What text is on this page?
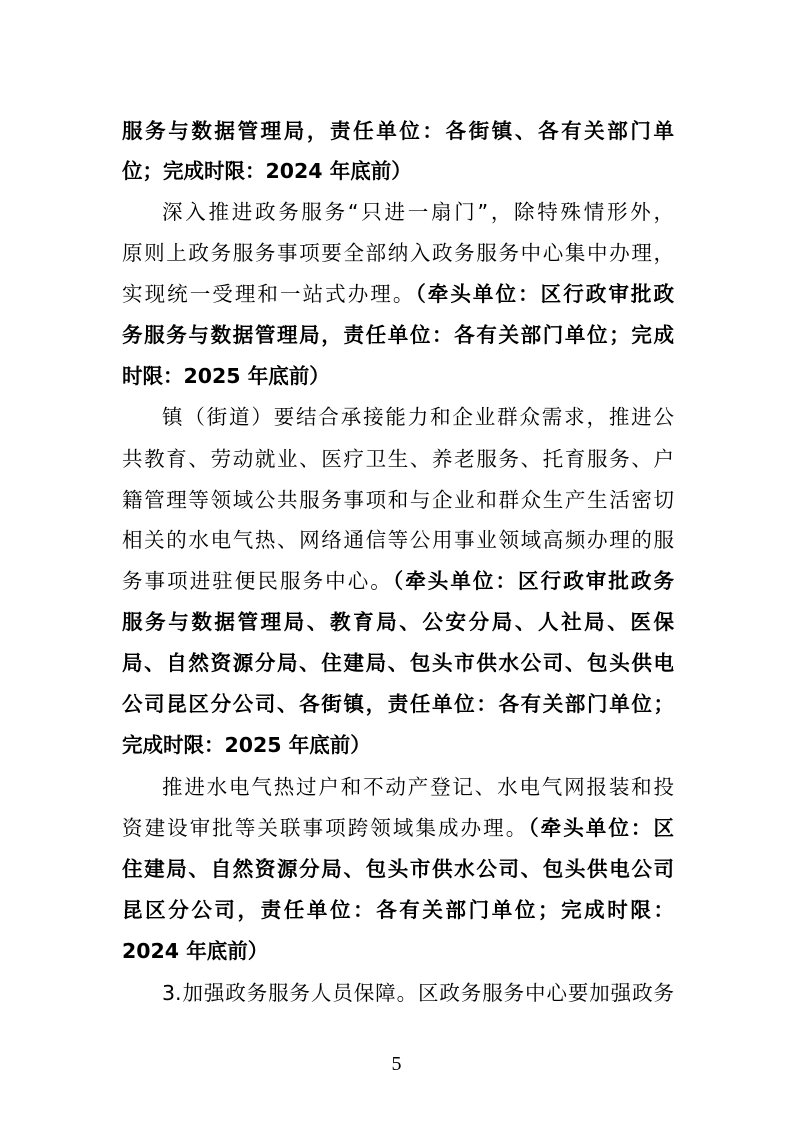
服务与数据管理局，责任单位：各街镇、各有关部门单
位；完成时限：2024 年底前）
深入推进政务服务“只进一扇门”，除特殊情形外，
原则上政务服务事项要全部纳入政务服务中心集中办理，
实现统一受理和一站式办理。（牵头单位：区行政审批政
务服务与数据管理局，责任单位：各有关部门单位；完成
时限：2025 年底前）
镇（街道）要结合承接能力和企业群众需求，推进公
共教育、劳动就业、医疗卫生、养老服务、托育服务、户
籍管理等领域公共服务事项和与企业和群众生产生活密切
相关的水电气热、网络通信等公用事业领域高频办理的服
务事项进驻便民服务中心。（牵头单位：区行政审批政务
服务与数据管理局、教育局、公安分局、人社局、医保
局、自然资源分局、住建局、包头市供水公司、包头供电
公司昆区分公司、各街镇，责任单位：各有关部门单位；
完成时限：2025 年底前）
推进水电气热过户和不动产登记、水电气网报装和投
资建设审批等关联事项跨领域集成办理。（牵头单位：区
住建局、自然资源分局、包头市供水公司、包头供电公司
昆区分公司，责任单位：各有关部门单位；完成时限：
2024 年底前）
3.加强政务服务人员保障。区政务服务中心要加强政务
5
